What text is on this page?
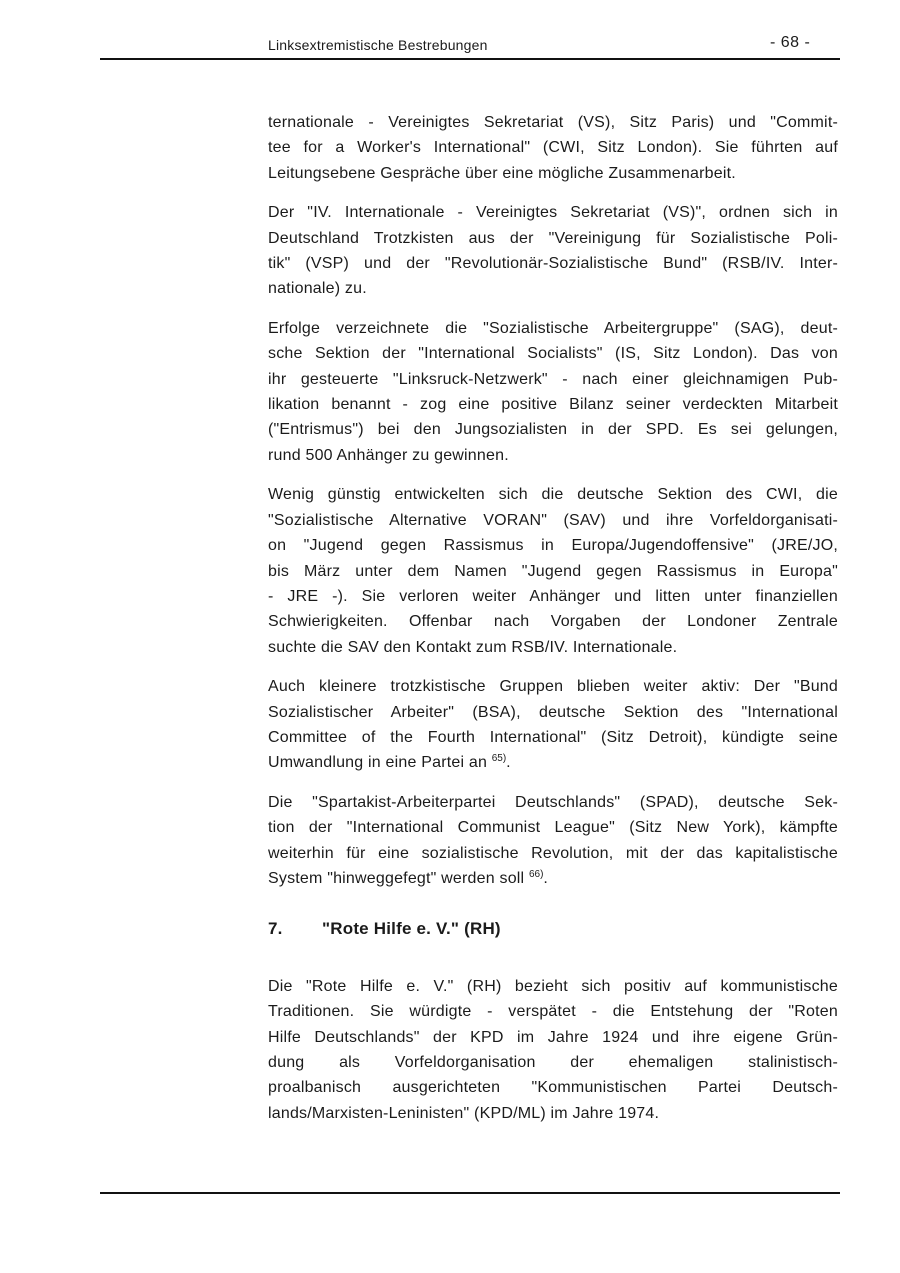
Linksextremistische Bestrebungen	- 68 -
ternationale - Vereinigtes Sekretariat (VS), Sitz Paris) und "Commit-
tee for a Worker's International" (CWI, Sitz London). Sie führten auf
Leitungsebene Gespräche über eine mögliche Zusammenarbeit.
Der "IV. Internationale - Vereinigtes Sekretariat (VS)", ordnen sich in
Deutschland Trotzkisten aus der "Vereinigung für Sozialistische Poli-
tik" (VSP) und der "Revolutionär-Sozialistische Bund" (RSB/IV. Inter-
nationale) zu.
Erfolge verzeichnete die "Sozialistische Arbeitergruppe" (SAG), deut-
sche Sektion der "International Socialists" (IS, Sitz London). Das von
ihr gesteuerte "Linksruck-Netzwerk" - nach einer gleichnamigen Pub-
likation benannt - zog eine positive Bilanz seiner verdeckten Mitarbeit
("Entrismus") bei den Jungsozialisten in der SPD. Es sei gelungen,
rund 500 Anhänger zu gewinnen.
Wenig günstig entwickelten sich die deutsche Sektion des CWI, die
"Sozialistische Alternative VORAN" (SAV) und ihre Vorfeldorganisati-
on "Jugend gegen Rassismus in Europa/Jugendoffensive" (JRE/JO,
bis März unter dem Namen "Jugend gegen Rassismus in Europa"
- JRE -). Sie verloren weiter Anhänger und litten unter finanziellen
Schwierigkeiten. Offenbar nach Vorgaben der Londoner Zentrale
suchte die SAV den Kontakt zum RSB/IV. Internationale.
Auch kleinere trotzkistische Gruppen blieben weiter aktiv: Der "Bund
Sozialistischer Arbeiter" (BSA), deutsche Sektion des "International
Committee of the Fourth International" (Sitz Detroit), kündigte seine
Umwandlung in eine Partei an $^{65)}$.
Die "Spartakist-Arbeiterpartei Deutschlands" (SPAD), deutsche Sek-
tion der "International Communist League" (Sitz New York), kämpfte
weiterhin für eine sozialistische Revolution, mit der das kapitalistische
System "hinweggefegt" werden soll $^{66)}$.
7.	"Rote Hilfe e. V." (RH)
Die "Rote Hilfe e. V." (RH) bezieht sich positiv auf kommunistische
Traditionen. Sie würdigte - verspätet - die Entstehung der "Roten
Hilfe Deutschlands" der KPD im Jahre 1924 und ihre eigene Grün-
dung als Vorfeldorganisation der ehemaligen stalinistisch-
proalbanisch ausgerichteten "Kommunistischen Partei Deutsch-
lands/Marxisten-Leninisten" (KPD/ML) im Jahre 1974.
